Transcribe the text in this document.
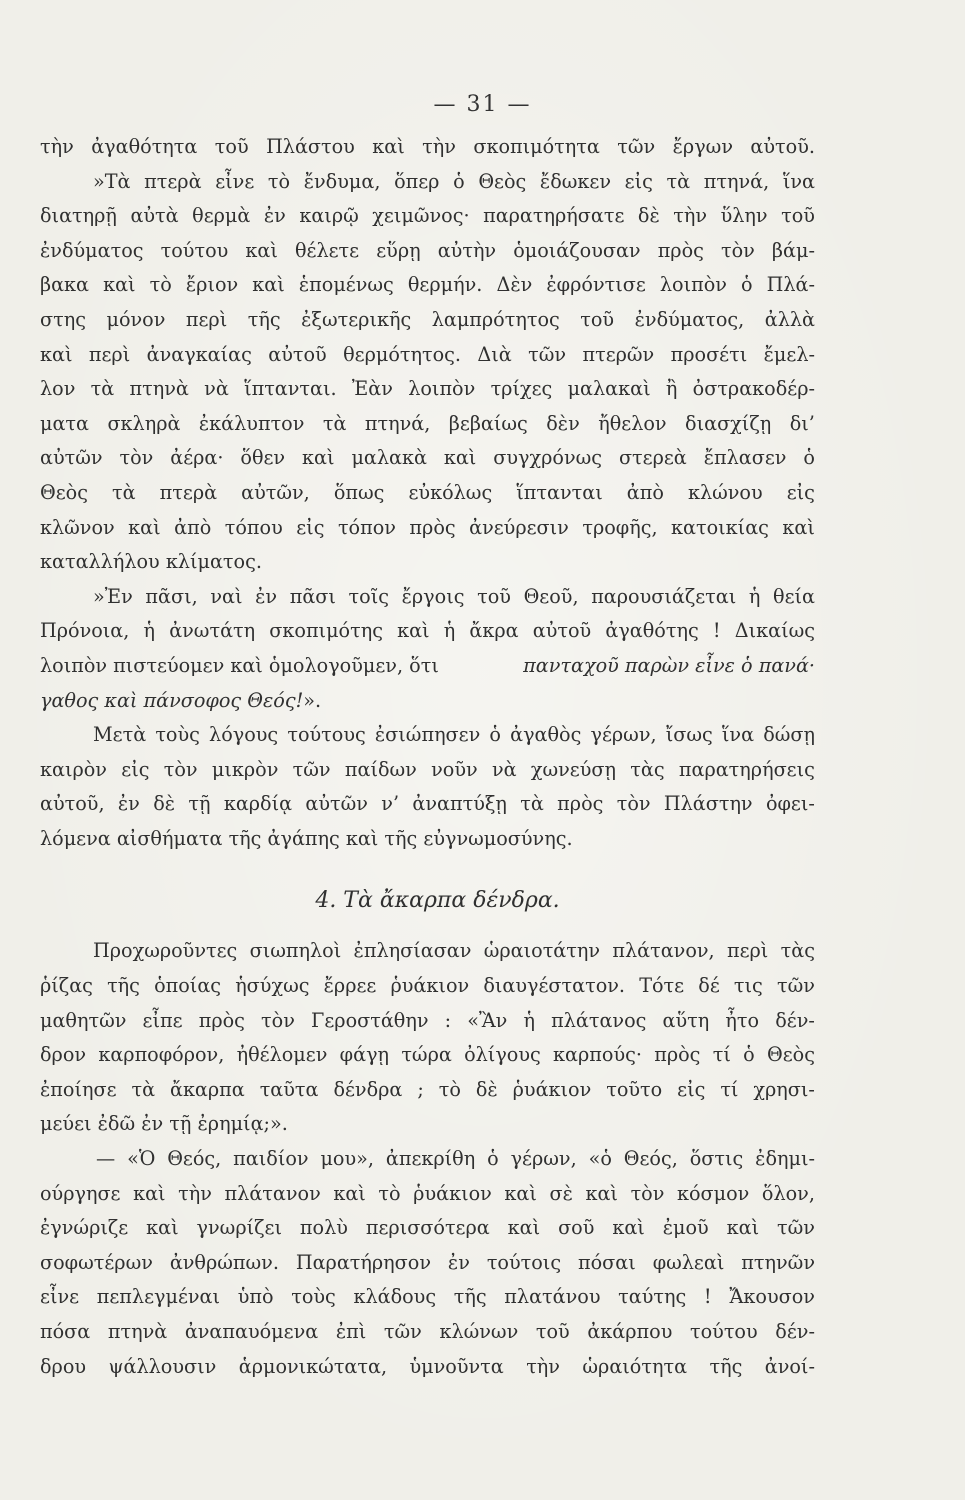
— 31 —
τὴν ἀγαθότητα τοῦ Πλάστου καὶ τὴν σκοπιμότητα τῶν ἔργων αὐτοῦ.
»Τὰ πτερὰ εἶνε τὸ ἔνδυμα, ὅπερ ὁ Θεὸς ἔδωκεν εἰς τὰ πτηνά, ἵνα
διατηρῇ αὐτὰ θερμὰ ἐν καιρῷ χειμῶνος· παρατηρήσατε δὲ τὴν ὕλην τοῦ
ἐνδύματος τούτου καὶ θέλετε εὕρῃ αὐτὴν ὁμοιάζουσαν πρὸς τὸν βάμ-
βακα καὶ τὸ ἔριον καὶ ἑπομένως θερμήν. Δὲν ἐφρόντισε λοιπὸν ὁ Πλά-
στης μόνον περὶ τῆς ἐξωτερικῆς λαμπρότητος τοῦ ἐνδύματος, ἀλλὰ
καὶ περὶ ἀναγκαίας αὐτοῦ θερμότητος. Διὰ τῶν πτερῶν προσέτι ἔμελ-
λον τὰ πτηνὰ νὰ ἵπτανται. Ἐὰν λοιπὸν τρίχες μαλακαὶ ἢ ὀστρακοδέρ-
ματα σκληρὰ ἐκάλυπτον τὰ πτηνά, βεβαίως δὲν ἤθελον διασχίζῃ δι’
αὐτῶν τὸν ἀέρα· ὅθεν καὶ μαλακὰ καὶ συγχρόνως στερεὰ ἔπλασεν ὁ
Θεὸς τὰ πτερὰ αὐτῶν, ὅπως εὐκόλως ἵπτανται ἀπὸ κλώνου εἰς
κλῶνον καὶ ἀπὸ τόπου εἰς τόπον πρὸς ἀνεύρεσιν τροφῆς, κατοικίας καὶ
καταλλήλου κλίματος.
»Ἐν πᾶσι, ναὶ ἐν πᾶσι τοῖς ἔργοις τοῦ Θεοῦ, παρουσιάζεται ἡ θεία
Πρόνοια, ἡ ἀνωτάτη σκοπιμότης καὶ ἡ ἄκρα αὐτοῦ ἀγαθότης ! Δικαίως
λοιπὸν πιστεύομεν καὶ ὁμολογοῦμεν, ὅτι	πανταχοῦ παρὼν εἶνε ὁ πανά·
γαθος καὶ πάνσοφος Θεός! ».
Μετὰ τοὺς λόγους τούτους ἐσιώπησεν ὁ ἀγαθὸς γέρων, ἴσως ἵνα δώσῃ
καιρὸν εἰς τὸν μικρὸν τῶν παίδων νοῦν νὰ χωνεύσῃ τὰς παρατηρήσεις
αὐτοῦ, ἐν δὲ τῇ καρδίᾳ αὐτῶν ν’ ἀναπτύξῃ τὰ πρὸς τὸν Πλάστην ὀφει-
λόμενα αἰσθήματα τῆς ἀγάπης καὶ τῆς εὐγνωμοσύνης.
4. Τὰ ἄκαρπα δένδρα.
Προχωροῦντες σιωπηλοὶ ἐπλησίασαν ὡραιοτάτην πλάτανον, περὶ τὰς
ῥίζας τῆς ὁποίας ἡσύχως ἔρρεε ῥυάκιον διαυγέστατον. Τότε δέ τις τῶν
μαθητῶν εἶπε πρὸς τὸν Γεροστάθην : «Ἂν ἡ πλάτανος αὕτη ἦτο δέν-
δρον καρποφόρον, ἠθέλομεν φάγῃ τώρα ὀλίγους καρπούς· πρὸς τί ὁ Θεὸς
ἐποίησε τὰ ἄκαρπα ταῦτα δένδρα ; τὸ δὲ ῥυάκιον τοῦτο εἰς τί χρησι-
μεύει ἐδῶ ἐν τῇ ἐρημίᾳ;».
— «Ὁ Θεός, παιδίον μου», ἀπεκρίθη ὁ γέρων, «ὁ Θεός, ὅστις ἐδημι-
ούργησε καὶ τὴν πλάτανον καὶ τὸ ῥυάκιον καὶ σὲ καὶ τὸν κόσμον ὅλον,
ἐγνώριζε καὶ γνωρίζει πολὺ περισσότερα καὶ σοῦ καὶ ἐμοῦ καὶ τῶν
σοφωτέρων ἀνθρώπων. Παρατήρησον ἐν τούτοις πόσαι φωλεαὶ πτηνῶν
εἶνε πεπλεγμέναι ὑπὸ τοὺς κλάδους τῆς πλατάνου ταύτης ! Ἄκουσον
πόσα πτηνὰ ἀναπαυόμενα ἐπὶ τῶν κλώνων τοῦ ἀκάρπου τούτου δέν-
δρου ψάλλουσιν ἁρμονικώτατα, ὑμνοῦντα τὴν ὡραιότητα τῆς ἀνοί-
